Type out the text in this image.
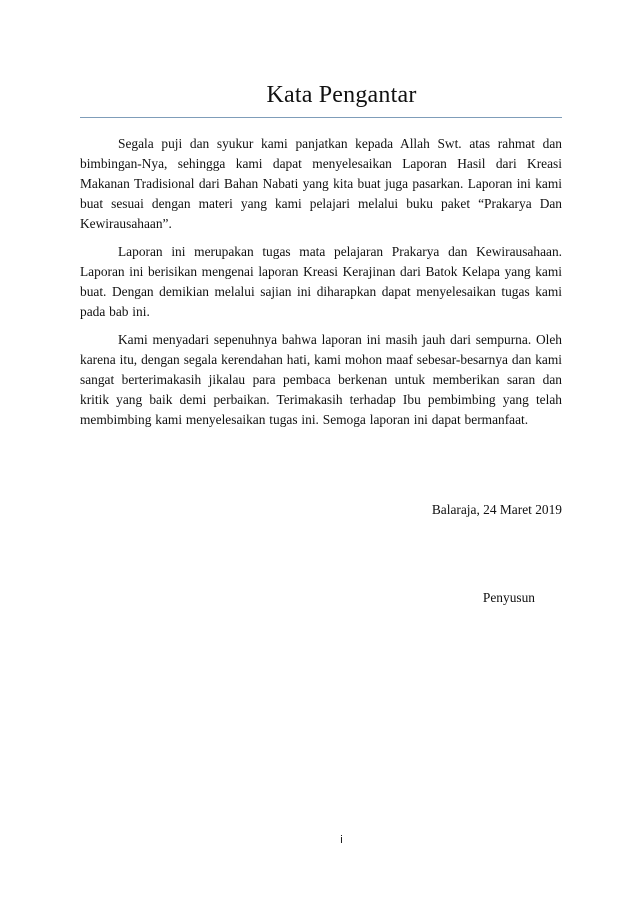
Kata Pengantar

Segala puji dan syukur kami panjatkan kepada Allah Swt. atas rahmat dan bimbingan-Nya, sehingga kami dapat menyelesaikan Laporan Hasil dari Kreasi Makanan Tradisional dari Bahan Nabati yang kita buat juga pasarkan. Laporan ini kami buat sesuai dengan materi yang kami pelajari melalui buku paket “Prakarya Dan Kewirausahaan”.

Laporan ini merupakan tugas mata pelajaran Prakarya dan Kewirausahaan. Laporan ini berisikan mengenai laporan Kreasi Kerajinan dari Batok Kelapa yang kami buat. Dengan demikian melalui sajian ini diharapkan dapat menyelesaikan tugas kami pada bab ini.

Kami menyadari sepenuhnya bahwa laporan ini masih jauh dari sempurna. Oleh karena itu, dengan segala kerendahan hati, kami mohon maaf sebesar-besarnya dan kami sangat berterimakasih jikalau para pembaca berkenan untuk memberikan saran dan kritik yang baik demi perbaikan. Terimakasih terhadap Ibu pembimbing yang telah membimbing kami menyelesaikan tugas ini. Semoga laporan ini dapat bermanfaat.

Balaraja, 24 Maret 2019
Penyusun
i
